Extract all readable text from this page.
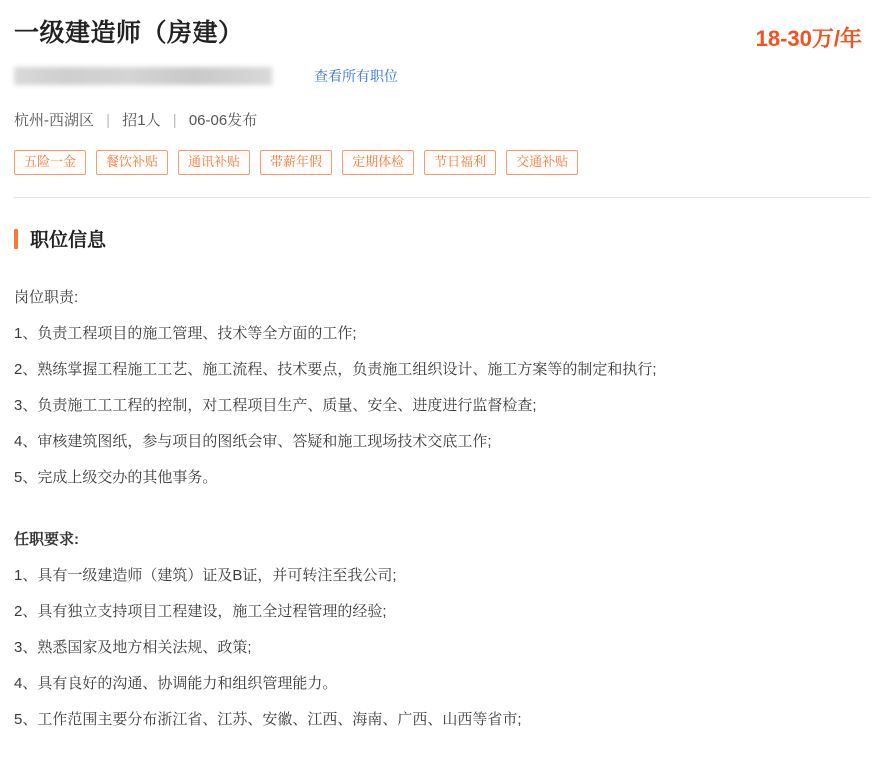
一级建造师（房建）	18-30万/年
查看所有职位
杭州-西湖区 | 招1人 | 06-06发布
五险一金	餐饮补贴	通讯补贴	带薪年假	定期体检	节日福利	交通补贴
职位信息

岗位职责:

1、负责工程项目的施工管理、技术等全方面的工作;

2、熟练掌握工程施工工艺、施工流程、技术要点，负责施工组织设计、施工方案等的制定和执行;

3、负责施工工工程的控制，对工程项目生产、质量、安全、进度进行监督检查;

4、审核建筑图纸，参与项目的图纸会审、答疑和施工现场技术交底工作;

5、完成上级交办的其他事务。

任职要求:

1、具有一级建造师（建筑）证及B证，并可转注至我公司;

2、具有独立支持项目工程建设，施工全过程管理的经验;

3、熟悉国家及地方相关法规、政策;

4、具有良好的沟通、协调能力和组织管理能力。

5、工作范围主要分布浙江省、江苏、安徽、江西、海南、广西、山西等省市;
